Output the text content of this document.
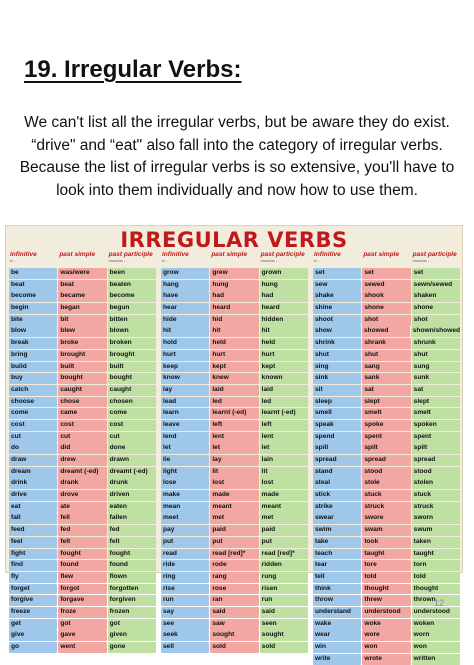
19. Irregular Verbs:
We can't list all the irregular verbs, but be aware they do exist.
“drive" and “eat" also fall into the category of irregular verbs.
Because the list of irregular verbs is so extensive, you'll have to
look into them individually and now how to use them.
IRREGULAR VERBS
infinitive
to ...
past simple	past participle
have/has ...
be	was/were	been
beat	beat	beaten
become	became	become
begin	began	begun
bite	bit	bitten
blow	blew	blown
break	broke	broken
bring	brought	brought
build	built	built
buy	bought	bought
catch	caught	caught
choose	chose	chosen
come	came	come
cost	cost	cost
cut	cut	cut
do	did	done
draw	drew	drawn
dream	dreamt (-ed)	dreamt (-ed)
drink	drank	drunk
drive	drove	driven
eat	ate	eaten
fall	fell	fallen
feed	fed	fed
feel	felt	felt
fight	fought	fought
find	found	found
fly	flew	flown
forget	forgot	forgotten
forgive	forgave	forgiven
freeze	froze	frozen
get	got	got
give	gave	given
go	went	gone
infinitive
to ...
past simple	past participle
have/has ...
grow	grew	grown
hang	hung	hung
have	had	had
hear	heard	heard
hide	hid	hidden
hit	hit	hit
hold	held	held
hurt	hurt	hurt
keep	kept	kept
know	knew	known
lay	laid	laid
lead	led	led
learn	learnt (-ed)	learnt (-ed)
leave	left	left
lend	lent	lent
let	let	let
lie	lay	lain
light	lit	lit
lose	lost	lost
make	made	made
mean	meant	meant
meet	met	met
pay	paid	paid
put	put	put
read	read [red]*	read [red]*
ride	rode	ridden
ring	rang	rung
rise	rose	risen
run	ran	run
say	said	said
see	saw	seen
seek	sought	sought
sell	sold	sold
infinitive
to ...
past simple	past participle
have/has ...
set	set	set
sew	sewed	sewn/sewed
shake	shook	shaken
shine	shone	shone
shoot	shot	shot
show	showed	shown/showed
shrink	shrank	shrunk
shut	shut	shut
sing	sang	sung
sink	sank	sunk
sit	sat	sat
sleep	slept	slept
smell	smelt	smelt
speak	spoke	spoken
spend	spent	spent
spill	spilt	spilt
spread	spread	spread
stand	stood	stood
steal	stole	stolen
stick	stuck	stuck
strike	struck	struck
swear	swore	sworn
swim	swam	swum
take	took	taken
teach	taught	taught
tear	tore	torn
tell	told	told
think	thought	thought
throw	threw	thrown
understand	understood	understood
wake	woke	woken
wear	wore	worn
win	won	won
write	wrote	written
12
